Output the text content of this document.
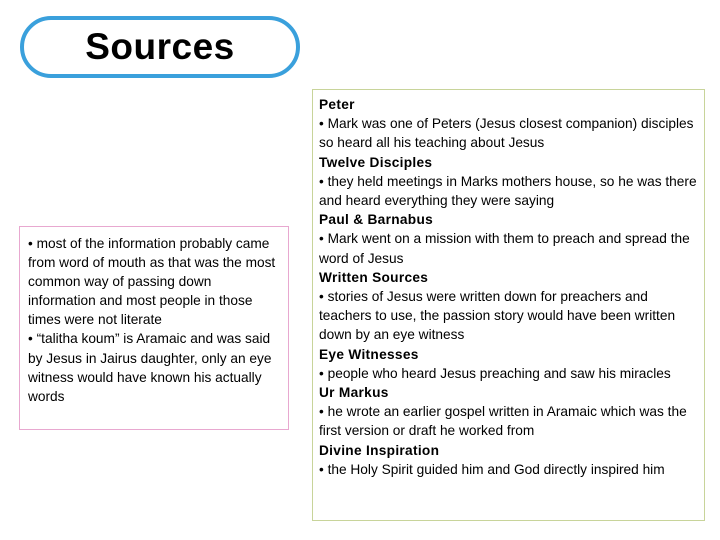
Sources

• most of the information probably came from word of mouth as that was the most common way of passing down information and most people in those times were not literate

• “talitha koum” is Aramaic and was said by Jesus in Jairus daughter, only an eye witness would have known his actually words

Peter

• Mark was one of Peters (Jesus closest companion) disciples so heard all his teaching about Jesus

Twelve Disciples

• they held meetings in Marks mothers house, so he was there and heard everything they were saying

Paul & Barnabus

• Mark went on a mission with them to preach and spread the word of Jesus

Written Sources

• stories of Jesus were written down for preachers and teachers to use, the passion story would have been written down by an eye witness

Eye Witnesses

• people who heard Jesus preaching and saw his miracles

Ur Markus

• he wrote an earlier gospel written in Aramaic which was the first version or draft he worked from

Divine Inspiration

• the Holy Spirit guided him and God directly inspired him
